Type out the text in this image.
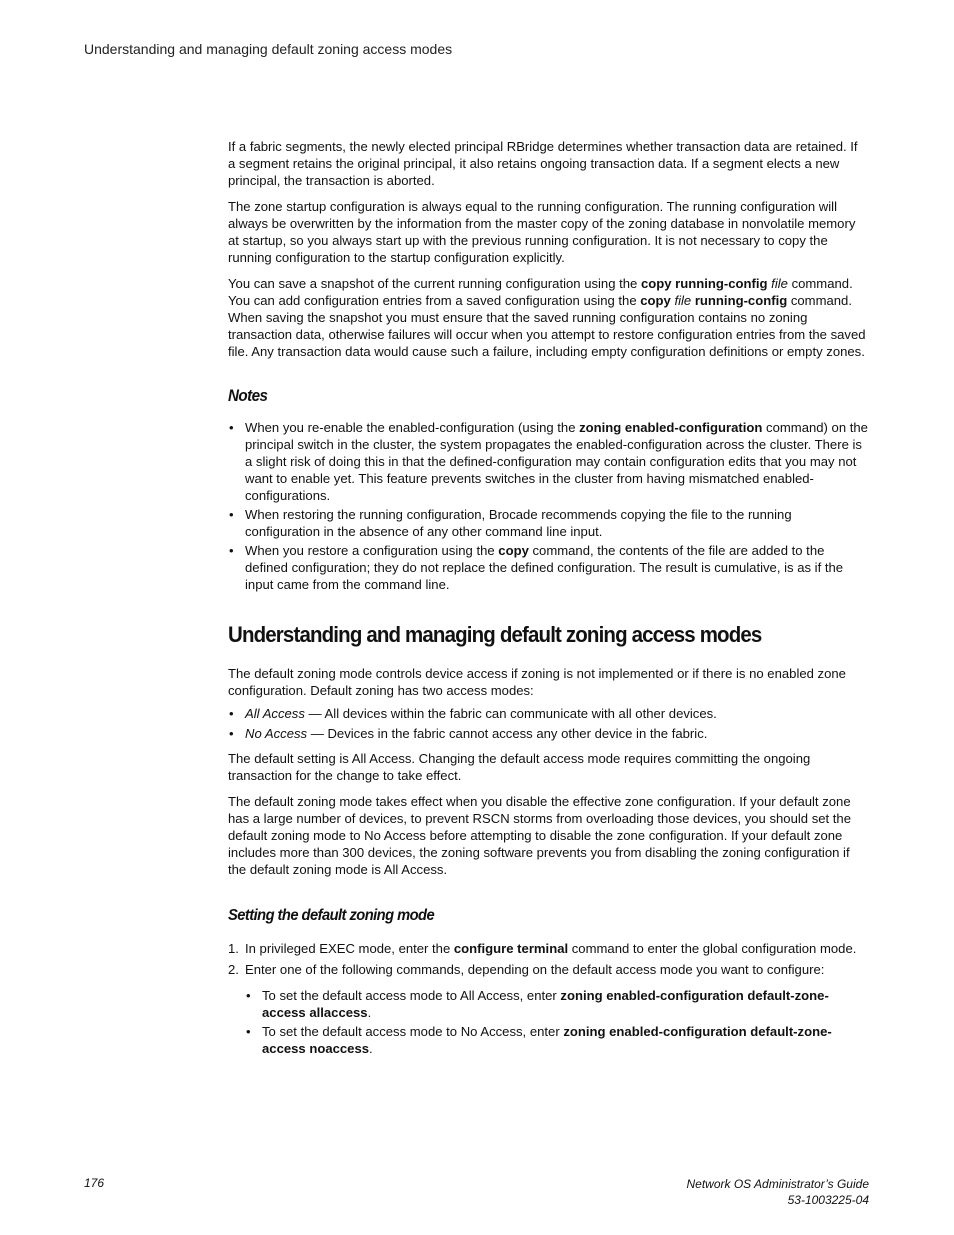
Understanding and managing default zoning access modes

If a fabric segments, the newly elected principal RBridge determines whether transaction data are retained. If a segment retains the original principal, it also retains ongoing transaction data. If a segment elects a new principal, the transaction is aborted.

The zone startup configuration is always equal to the running configuration. The running configuration will always be overwritten by the information from the master copy of the zoning database in nonvolatile memory at startup, so you always start up with the previous running configuration. It is not necessary to copy the running configuration to the startup configuration explicitly.

You can save a snapshot of the current running configuration using the copy running-config file command. You can add configuration entries from a saved configuration using the copy file running-config command. When saving the snapshot you must ensure that the saved running configuration contains no zoning transaction data, otherwise failures will occur when you attempt to restore configuration entries from the saved file. Any transaction data would cause such a failure, including empty configuration definitions or empty zones.

Notes
• When you re-enable the enabled-configuration (using the zoning enabled-configuration command) on the principal switch in the cluster, the system propagates the enabled-configuration across the cluster. There is a slight risk of doing this in that the defined-configuration may contain configuration edits that you may not want to enable yet. This feature prevents switches in the cluster from having mismatched enabled-configurations.
• When restoring the running configuration, Brocade recommends copying the file to the running configuration in the absence of any other command line input.
• When you restore a configuration using the copy command, the contents of the file are added to the defined configuration; they do not replace the defined configuration. The result is cumulative, is as if the input came from the command line.
Understanding and managing default zoning access modes

The default zoning mode controls device access if zoning is not implemented or if there is no enabled zone configuration. Default zoning has two access modes:

• All Access — All devices within the fabric can communicate with all other devices.
• No Access — Devices in the fabric cannot access any other device in the fabric.

The default setting is All Access. Changing the default access mode requires committing the ongoing transaction for the change to take effect.

The default zoning mode takes effect when you disable the effective zone configuration. If your default zone has a large number of devices, to prevent RSCN storms from overloading those devices, you should set the default zoning mode to No Access before attempting to disable the zone configuration. If your default zone includes more than 300 devices, the zoning software prevents you from disabling the zoning configuration if the default zoning mode is All Access.

Setting the default zoning mode
1. In privileged EXEC mode, enter the configure terminal command to enter the global configuration mode.
2. Enter one of the following commands, depending on the default access mode you want to configure:
• To set the default access mode to All Access, enter zoning enabled-configuration default-zone-access allaccess.
• To set the default access mode to No Access, enter zoning enabled-configuration default-zone-access noaccess.
176	Network OS Administrator’s Guide
53-1003225-04
